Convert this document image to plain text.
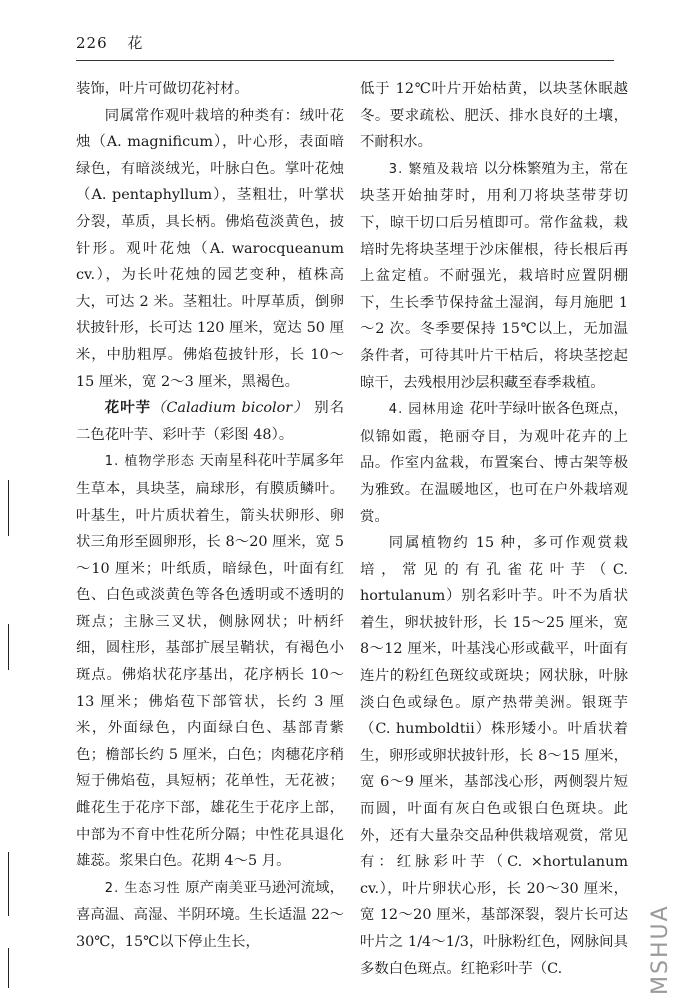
226 花

装饰，叶片可做切花衬材。

同属常作观叶栽培的种类有：绒叶花烛（A. magnificum），叶心形，表面暗绿色，有暗淡绒光，叶脉白色。掌叶花烛（A. pentaphyllum），茎粗壮，叶掌状分裂，革质，具长柄。佛焰苞淡黄色，披针形。观叶花烛（A. warocqueanum cv.），为长叶花烛的园艺变种，植株高大，可达 2 米。茎粗壮。叶厚革质，倒卵状披针形，长可达 120 厘米，宽达 50 厘米，中肋粗厚。佛焰苞披针形，长 10～15 厘米，宽 2～3 厘米，黑褐色。

花叶芋（Caladium bicolor） 别名二色花叶芋、彩叶芋（彩图 48）。

1. 植物学形态 天南星科花叶芋属多年生草本，具块茎，扁球形，有膜质鳞叶。叶基生，叶片质状着生，箭头状卵形、卵状三角形至圆卵形，长 8～20 厘米，宽 5～10 厘米；叶纸质，暗绿色，叶面有红色、白色或淡黄色等各色透明或不透明的斑点；主脉三叉状，侧脉网状；叶柄纤细，圆柱形，基部扩展呈鞘状，有褐色小斑点。佛焰状花序基出，花序柄长 10～13 厘米；佛焰苞下部管状，长约 3 厘米，外面绿色，内面绿白色、基部青紫色；檐部长约 5 厘米，白色；肉穗花序稍短于佛焰苞，具短柄；花单性，无花被；雌花生于花序下部，雄花生于花序上部，中部为不育中性花所分隔；中性花具退化雄蕊。浆果白色。花期 4～5 月。

2. 生态习性 原产南美亚马逊河流域，喜高温、高湿、半阴环境。生长适温 22～30℃，15℃以下停止生长，

低于 12℃叶片开始枯黄，以块茎休眠越冬。要求疏松、肥沃、排水良好的土壤，不耐积水。

3. 繁殖及栽培 以分株繁殖为主，常在块茎开始抽芽时，用利刀将块茎带芽切下，晾干切口后另植即可。常作盆栽，栽培时先将块茎埋于沙床催根，待长根后再上盆定植。不耐强光，栽培时应置阴棚下，生长季节保持盆土湿润，每月施肥 1～2 次。冬季要保持 15℃以上，无加温条件者，可待其叶片干枯后，将块茎挖起晾干，去残根用沙层积藏至春季栽植。

4. 园林用途 花叶芋绿叶嵌各色斑点，似锦如霞，艳丽夺目，为观叶花卉的上品。作室内盆栽，布置案台、博古架等极为雅致。在温暖地区，也可在户外栽培观赏。

同属植物约 15 种，多可作观赏栽培，常见的有孔雀花叶芋（C. hortulanum）别名彩叶芋。叶不为盾状着生，卵状披针形，长 15～25 厘米，宽 8～12 厘米，叶基浅心形或截平，叶面有连片的粉红色斑纹或斑块；网状脉，叶脉淡白色或绿色。原产热带美洲。银斑芋（C. humboldtii）株形矮小。叶盾状着生，卵形或卵状披针形，长 8～15 厘米，宽 6～9 厘米，基部浅心形，两侧裂片短而圆，叶面有灰白色或银白色斑块。此外，还有大量杂交品种供栽培观赏，常见有：红脉彩叶芋（C. ×hortulanum cv.），叶片卵状心形，长 20～30 厘米，宽 12～20 厘米，基部深裂，裂片长可达叶片之 1/4～1/3，叶脉粉红色，网脉间具多数白色斑点。红艳彩叶芋（C.	MSHUA
